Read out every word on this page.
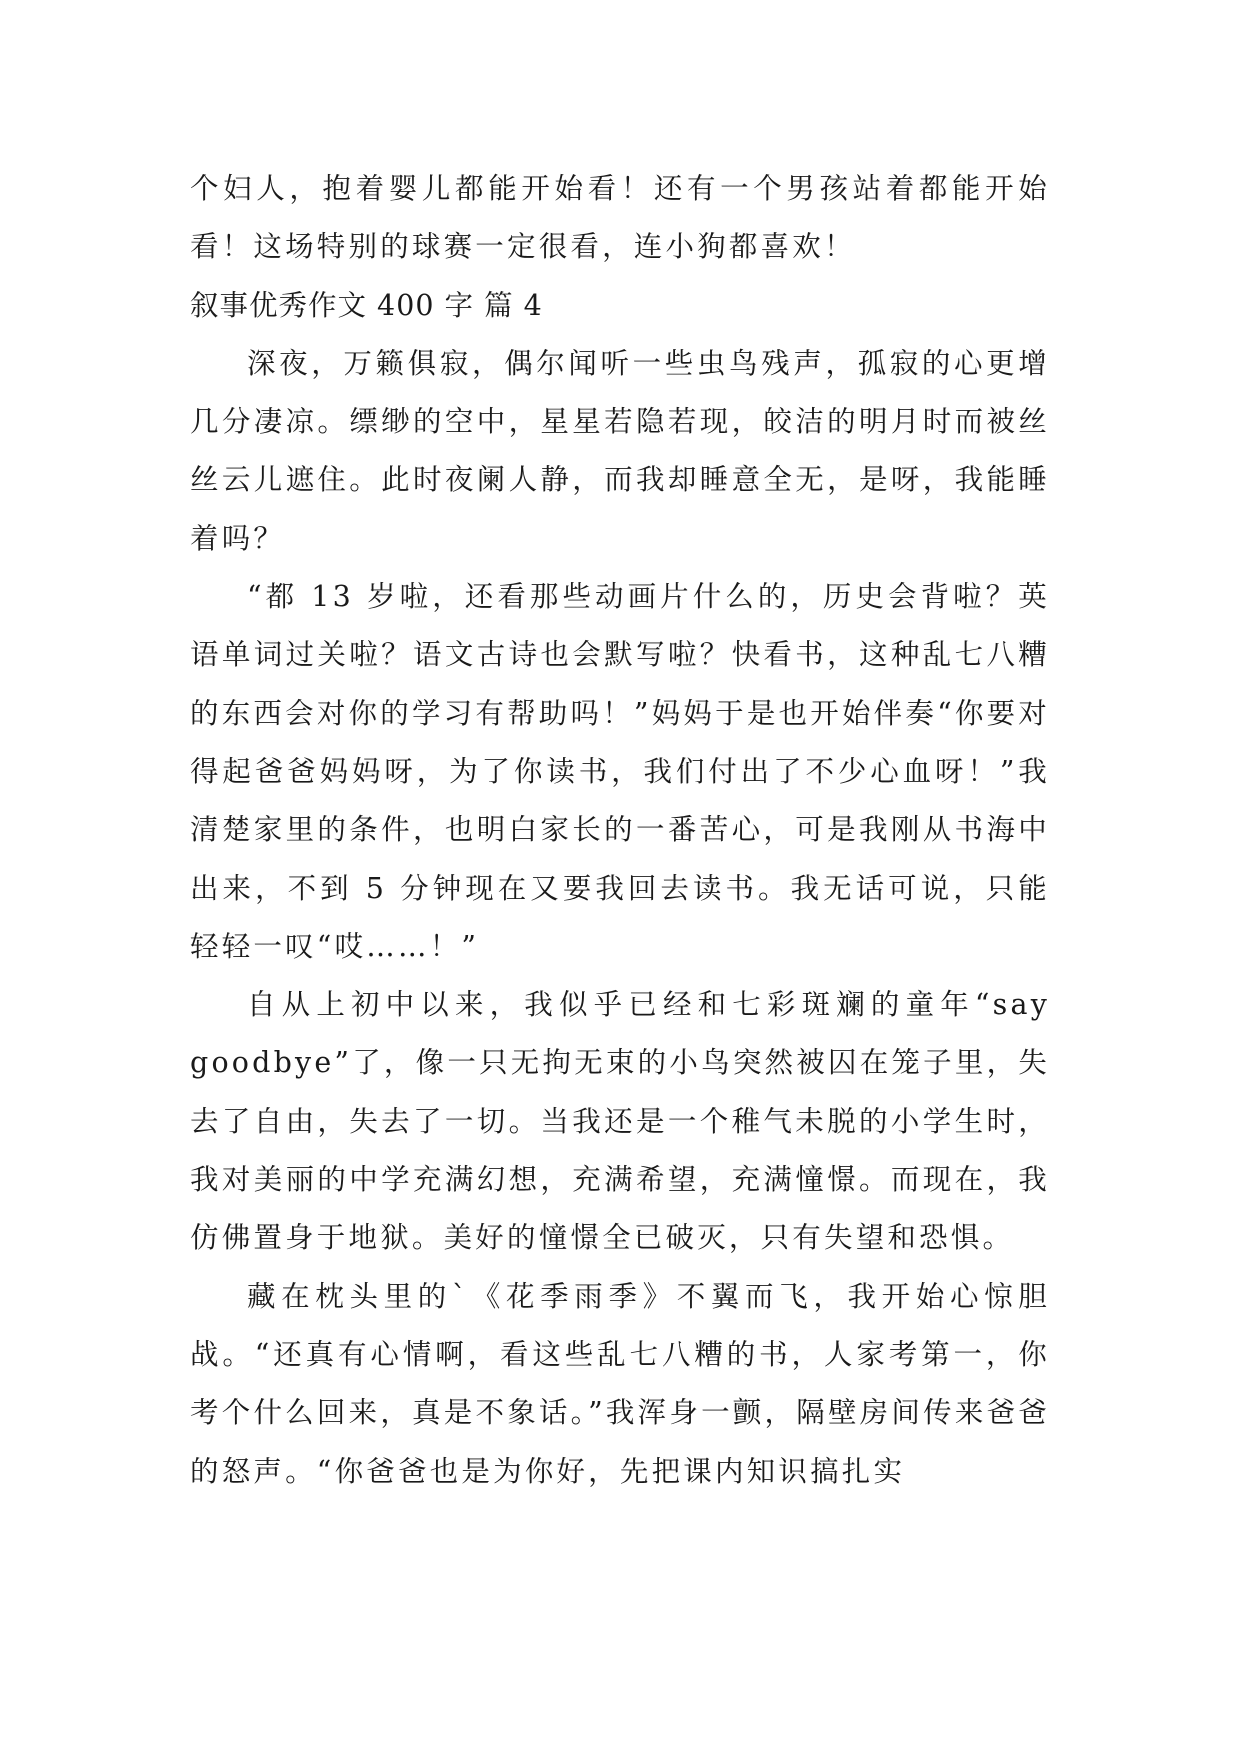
个妇人，抱着婴儿都能开始看！还有一个男孩站着都能开始看！这场特别的球赛一定很看，连小狗都喜欢！

叙事优秀作文 400 字 篇 4

深夜，万籁俱寂，偶尔闻听一些虫鸟残声，孤寂的心更增几分凄凉。缥缈的空中，星星若隐若现，皎洁的明月时而被丝丝云儿遮住。此时夜阑人静，而我却睡意全无，是呀，我能睡着吗？

“都 13 岁啦，还看那些动画片什么的，历史会背啦？英语单词过关啦？语文古诗也会默写啦？快看书，这种乱七八糟的东西会对你的学习有帮助吗！”妈妈于是也开始伴奏“你要对得起爸爸妈妈呀，为了你读书，我们付出了不少心血呀！”我清楚家里的条件，也明白家长的一番苦心，可是我刚从书海中出来，不到 5 分钟现在又要我回去读书。我无话可说，只能轻轻一叹“哎……！”

自从上初中以来，我似乎已经和七彩斑斓的童年“say goodbye”了，像一只无拘无束的小鸟突然被囚在笼子里，失去了自由，失去了一切。当我还是一个稚气未脱的小学生时，我对美丽的中学充满幻想，充满希望，充满憧憬。而现在，我仿佛置身于地狱。美好的憧憬全已破灭，只有失望和恐惧。

藏在枕头里的`《花季雨季》不翼而飞，我开始心惊胆战。“还真有心情啊，看这些乱七八糟的书，人家考第一，你考个什么回来，真是不象话。”我浑身一颤，隔壁房间传来爸爸的怒声。“你爸爸也是为你好，先把课内知识搞扎实
